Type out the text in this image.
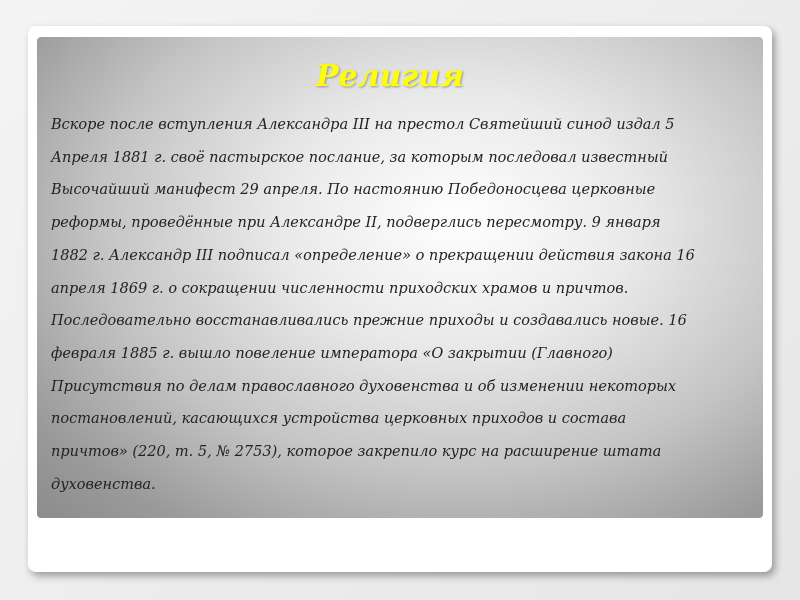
Религия

Вскоре после вступления Александра III на престол Святейший синод издал 5
Апреля 1881 г. своё пастырское послание, за которым последовал известный
Высочайший манифест 29 апреля. По настоянию Победоносцева церковные
реформы, проведённые при Александре II, подверглись пересмотру. 9 января
1882 г. Александр III подписал «определение» о прекращении действия закона 16
апреля 1869 г. о сокращении численности приходских храмов и причтов.
Последовательно восстанавливались прежние приходы и создавались новые. 16
февраля 1885 г. вышло повеление императора «О закрытии (Главного)
Присутствия по делам православного духовенства и об изменении некоторых
постановлений, касающихся устройства церковных приходов и состава
причтов» (220, т. 5, № 2753), которое закрепило курс на расширение штата
духовенства.
